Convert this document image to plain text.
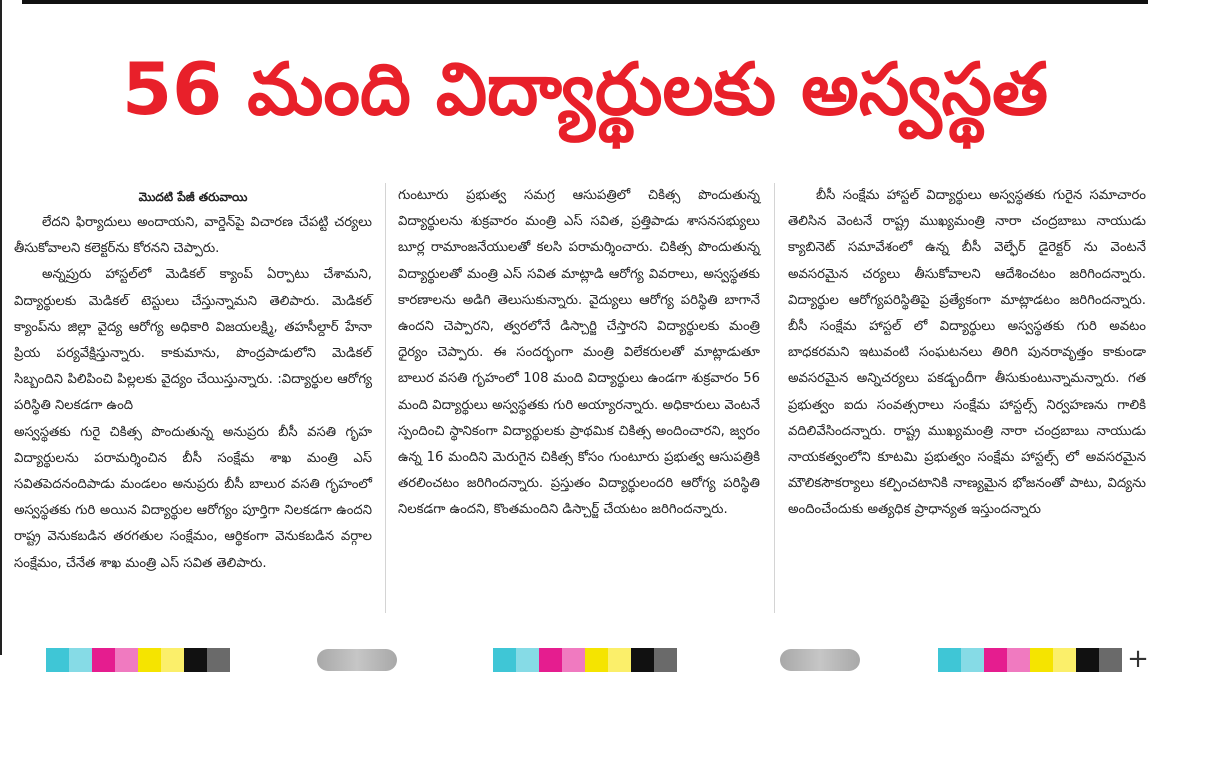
56 మంది విద్యార్థులకు అస్వస్థత

మొదటి పేజీ తరువాయి

లేదని ఫిర్యాదులు అందాయని, వార్డెన్‌పై విచారణ చేపట్టి చర్యలు తీసుకోవాలని కలెక్టర్‌ను కోరనని చెప్పారు.

అన్నప్రురు హాస్టల్‌లో మెడికల్ క్యాంప్ ఏర్పాటు చేశామని, విద్యార్థులకు మెడికల్ టెస్టులు చేస్తున్నామని తెలిపారు. మెడికల్ క్యాంప్‌ను జిల్లా వైద్య ఆరోగ్య అధికారి విజయలక్ష్మి, తహసీల్దార్ హేనా ప్రియ పర్యవేక్షిస్తున్నారు. కాకుమాను, పొంద్రపాడులోని మెడికల్ సిబ్బందిని పిలిపించి పిల్లలకు వైద్యం చేయిస్తున్నారు. :విద్యార్థుల ఆరోగ్య పరిస్థితి నిలకడగా ఉంది

అస్వస్థతకు గురై చికిత్స పొందుతున్న అనుప్రరు బీసీ వసతి గృహ విద్యార్థులను పరామర్శించిన బీసీ సంక్షేమ శాఖ మంత్రి ఎస్ సవితపెదనందిపాడు మండలం అనుప్రరు బీసీ బాలుర వసతి గృహంలో అస్వస్థతకు గురి అయిన విద్యార్థుల ఆరోగ్యం పూర్తిగా నిలకడగా ఉందని రాష్ట్ర వెనుకబడిన తరగతుల సంక్షేమం, ఆర్థికంగా వెనుకబడిన వర్గాల సంక్షేమం, చేనేత శాఖ మంత్రి ఎస్ సవిత తెలిపారు.

గుంటూరు ప్రభుత్వ సమగ్ర ఆసుపత్రిలో చికిత్స పొందుతున్న విద్యార్థులను శుక్రవారం మంత్రి ఎస్ సవిత, ప్రత్తిపాడు శాసనసభ్యులు బూర్ల రామాంజనేయులతో కలసి పరామర్శించారు. చికిత్స పొందుతున్న విద్యార్థులతో మంత్రి ఎస్ సవిత మాట్లాడి ఆరోగ్య వివరాలు, అస్వస్థతకు కారణాలను అడిగి తెలుసుకున్నారు. వైద్యులు ఆరోగ్య పరిస్థితి బాగానే ఉందని చెప్పారని, త్వరలోనే డిస్చార్జి చేస్తారని విద్యార్థులకు మంత్రి ధైర్యం చెప్పారు. ఈ సందర్భంగా మంత్రి విలేకరులతో మాట్లాడుతూ బాలుర వసతి గృహంలో 108 మంది విద్యార్థులు ఉండగా శుక్రవారం 56 మంది విద్యార్థులు అస్వస్థతకు గురి అయ్యారన్నారు. అధికారులు వెంటనే స్పందించి స్థానికంగా విద్యార్థులకు ప్రాథమిక చికిత్స అందించారని, జ్వరం ఉన్న 16 మందిని మెరుగైన చికిత్స కోసం గుంటూరు ప్రభుత్వ ఆసుపత్రికి తరలించటం జరిగిందన్నారు. ప్రస్తుతం విద్యార్థులందరి ఆరోగ్య పరిస్థితి నిలకడగా ఉందని, కొంతమందిని డిస్చార్జ్ చేయటం జరిగిందన్నారు.

బీసీ సంక్షేమ హాస్టల్ విద్యార్థులు అస్వస్థతకు గురైన సమాచారం తెలిసిన వెంటనే రాష్ట్ర ముఖ్యమంత్రి నారా చంద్రబాబు నాయుడు క్యాబినెట్ సమావేశంలో ఉన్న బీసీ వెల్ఫేర్ డైరెక్టర్ ను వెంటనే అవసరమైన చర్యలు తీసుకోవాలని ఆదేశించటం జరిగిందన్నారు. విద్యార్థుల ఆరోగ్యపరిస్థితిపై ప్రత్యేకంగా మాట్లాడటం జరిగిందన్నారు. బీసీ సంక్షేమ హాస్టల్ లో విద్యార్థులు అస్వస్థతకు గురి అవటం బాధకరమని ఇటువంటి సంఘటనలు తిరిగి పునరావృత్తం కాకుండా అవసరమైన అన్నిచర్యలు పకడ్బందీగా తీసుకుంటున్నామన్నారు. గత ప్రభుత్వం ఐదు సంవత్సరాలు సంక్షేమ హాస్టల్స్ నిర్వహణను గాలికి వదిలివేసిందన్నారు. రాష్ట్ర ముఖ్యమంత్రి నారా చంద్రబాబు నాయుడు నాయకత్వంలోని కూటమి ప్రభుత్వం సంక్షేమ హాస్టల్స్ లో అవసరమైన మౌలికసౌకర్యాలు కల్పించటానికి నాణ్యమైన భోజనంతో పాటు, విద్యను అందించేందుకు అత్యధిక ప్రాధాన్యత ఇస్తుందన్నారు

+
